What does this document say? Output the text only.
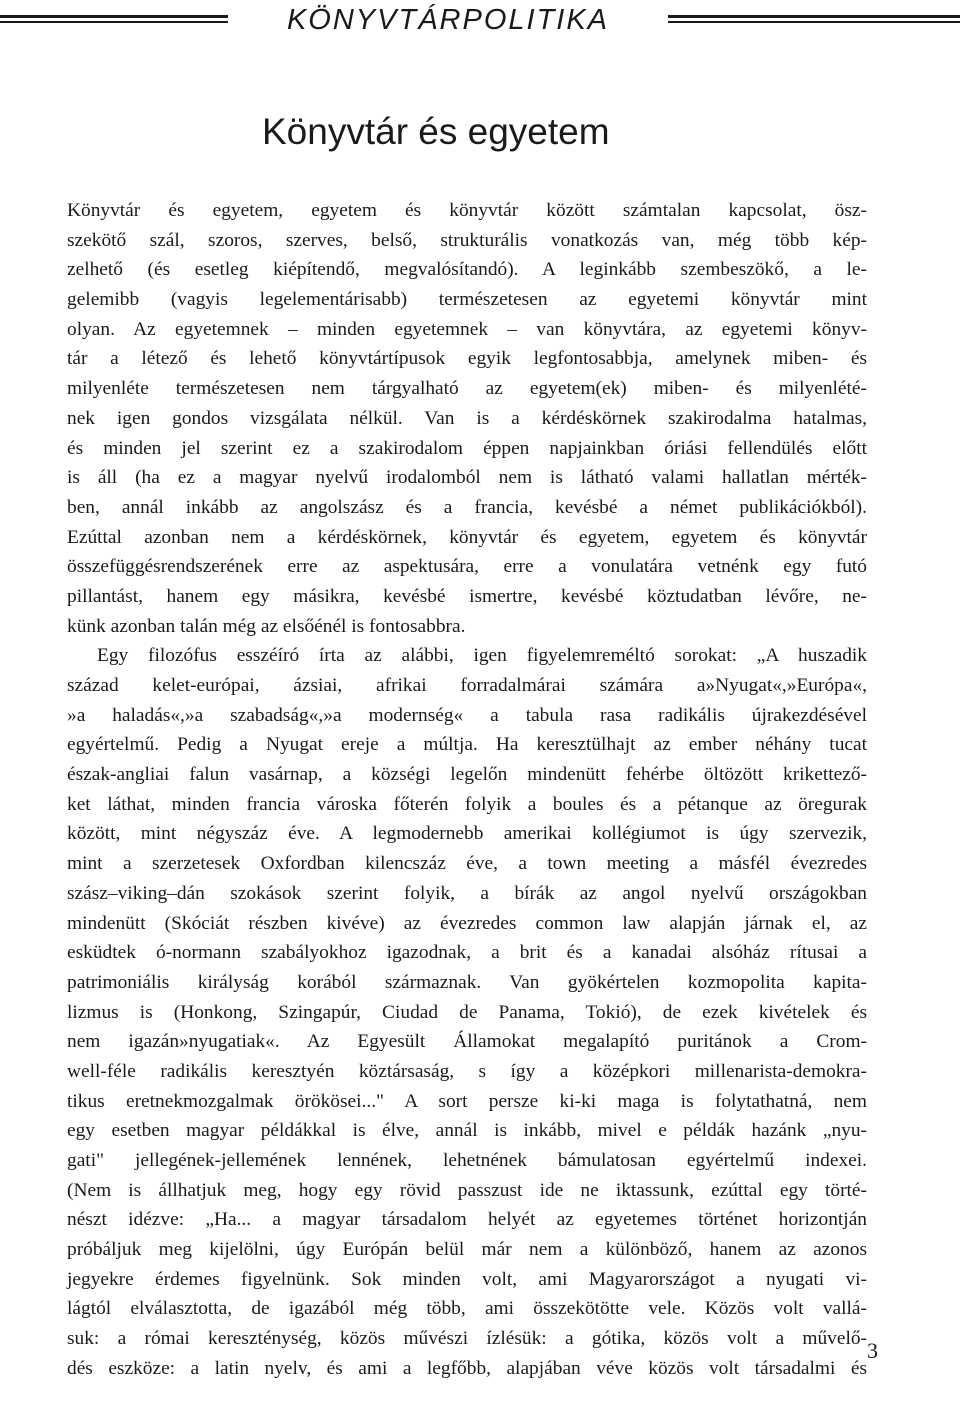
KÖNYVTÁRPOLITIKA
Könyvtár és egyetem
Könyvtár és egyetem, egyetem és könyvtár között számtalan kapcsolat, ösz-
szekötő szál, szoros, szerves, belső, strukturális vonatkozás van, még több kép-
zelhető (és esetleg kiépítendő, megvalósítandó). A leginkább szembeszökő, a le-
gelemibb (vagyis legelementárisabb) természetesen az egyetemi könyvtár mint
olyan. Az egyetemnek – minden egyetemnek – van könyvtára, az egyetemi könyv-
tár a létező és lehető könyvtártípusok egyik legfontosabbja, amelynek miben- és
milyenléte természetesen nem tárgyalható az egyetem(ek) miben- és milyenlété-
nek igen gondos vizsgálata nélkül. Van is a kérdéskörnek szakirodalma hatalmas,
és minden jel szerint ez a szakirodalom éppen napjainkban óriási fellendülés előtt
is áll (ha ez a magyar nyelvű irodalomból nem is látható valami hallatlan mérték-
ben, annál inkább az angolszász és a francia, kevésbé a német publikációkból).
Ezúttal azonban nem a kérdéskörnek, könyvtár és egyetem, egyetem és könyvtár
összefüggésrendszerének erre az aspektusára, erre a vonulatára vetnénk egy futó
pillantást, hanem egy másikra, kevésbé ismertre, kevésbé köztudatban lévőre, ne-
künk azonban talán még az elsőénél is fontosabbra.
Egy filozófus esszéíró írta az alábbi, igen figyelemreméltó sorokat: „A huszadik
század kelet-európai, ázsiai, afrikai forradalmárai számára a»Nyugat«,»Európa«,
»a haladás«,»a szabadság«,»a modernség« a tabula rasa radikális újrakezdésével
egyértelmű. Pedig a Nyugat ereje a múltja. Ha keresztülhajt az ember néhány tucat
észak-angliai falun vasárnap, a községi legelőn mindenütt fehérbe öltözött krikettező-
ket láthat, minden francia városka főterén folyik a boules és a pétanque az öregurak
között, mint négyszáz éve. A legmodernebb amerikai kollégiumot is úgy szervezik,
mint a szerzetesek Oxfordban kilencszáz éve, a town meeting a másfél évezredes
szász–viking–dán szokások szerint folyik, a bírák az angol nyelvű országokban
mindenütt (Skóciát részben kivéve) az évezredes common law alapján járnak el, az
esküdtek ó-normann szabályokhoz igazodnak, a brit és a kanadai alsóház rítusai a
patrimoniális királyság korából származnak. Van gyökértelen kozmopolita kapita-
lizmus is (Honkong, Szingapúr, Ciudad de Panama, Tokió), de ezek kivételek és
nem igazán»nyugatiak«. Az Egyesült Államokat megalapító puritánok a Crom-
well-féle radikális keresztyén köztársaság, s így a középkori millenarista-demokra-
tikus eretnekmozgalmak örökösei..." A sort persze ki-ki maga is folytathatná, nem
egy esetben magyar példákkal is élve, annál is inkább, mivel e példák hazánk „nyu-
gati" jellegének-jellemének lennének, lehetnének bámulatosan egyértelmű indexei.
(Nem is állhatjuk meg, hogy egy rövid passzust ide ne iktassunk, ezúttal egy törté-
nészt idézve: „Ha... a magyar társadalom helyét az egyetemes történet horizontján
próbáljuk meg kijelölni, úgy Európán belül már nem a különböző, hanem az azonos
jegyekre érdemes figyelnünk. Sok minden volt, ami Magyarországot a nyugati vi-
lágtól elválasztotta, de igazából még több, ami összekötötte vele. Közös volt vallá-
suk: a római kereszténység, közös művészi ízlésük: a gótika, közös volt a művelő-
dés eszköze: a latin nyelv, és ami a legfőbb, alapjában véve közös volt társadalmi és
3
